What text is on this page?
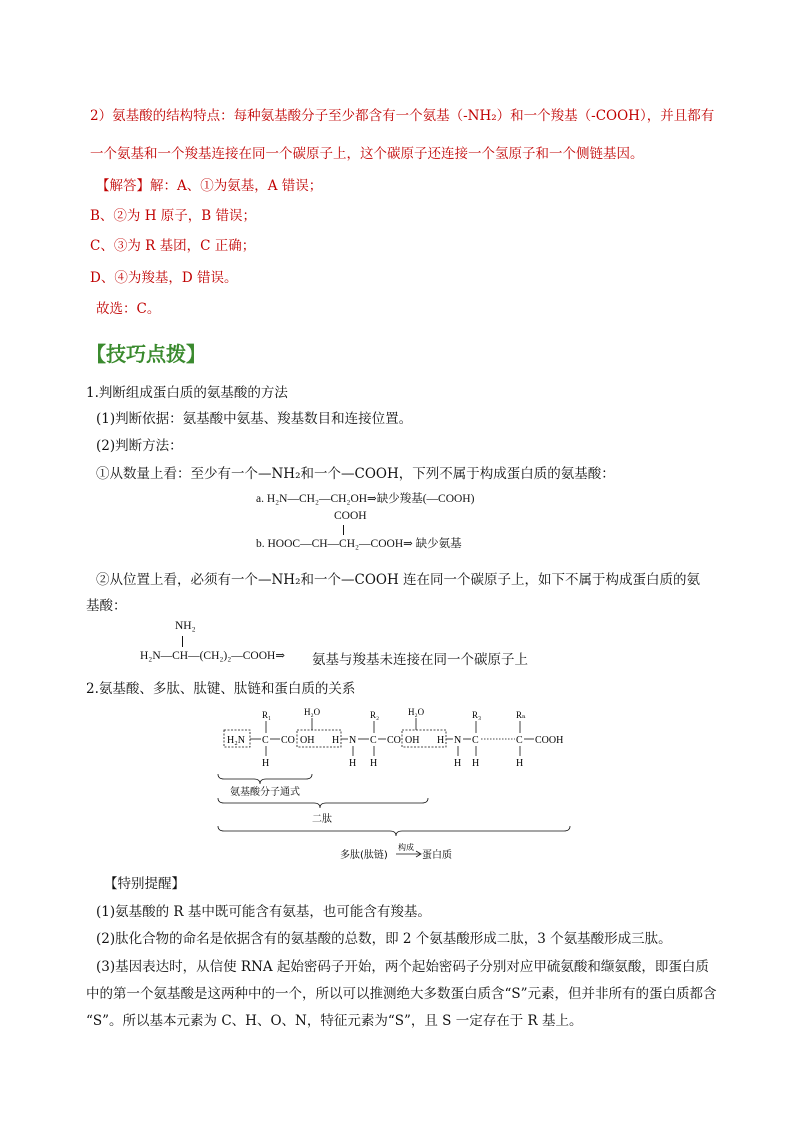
2）氨基酸的结构特点：每种氨基酸分子至少都含有一个氨基（-NH₂）和一个羧基（-COOH），并且都有
一个氨基和一个羧基连接在同一个碳原子上，这个碳原子还连接一个氢原子和一个侧链基因。
【解答】解：A、①为氨基，A 错误；
B、②为 H 原子，B 错误；
C、③为 R 基团，C 正确；
D、④为羧基，D 错误。
故选：C。
【技巧点拨】
1.判断组成蛋白质的氨基酸的方法
(1)判断依据：氨基酸中氨基、羧基数目和连接位置。
(2)判断方法：
①从数量上看：至少有一个—NH₂和一个—COOH，下列不属于构成蛋白质的氨基酸：
a. H₂N—CH₂—CH₂OH⇒缺少羧基(—COOH)
COOH
b. HOOC—CH—CH₂—COOH⇒ 缺少氨基
②从位置上看，必须有一个—NH₂和一个—COOH 连在同一个碳原子上，如下不属于构成蛋白质的氨
基酸：
NH₂
H₂N—CH—(CH₂)₂—COOH⇒ 氨基与羧基未连接在同一个碳原子上
2.氨基酸、多肽、肽键、肽链和蛋白质的关系
R₁	R₂	R₃	Rₙ
H₂O	H₂O
H₂N C CO OH H N C CO OH H N C	C COOH
H	H H	H H	H
氨基酸分子通式
二肽
多肽(肽链)
构成
蛋白质
【特别提醒】
(1)氨基酸的 R 基中既可能含有氨基，也可能含有羧基。
(2)肽化合物的命名是依据含有的氨基酸的总数，即 2 个氨基酸形成二肽，3 个氨基酸形成三肽。
(3)基因表达时，从信使 RNA 起始密码子开始，两个起始密码子分别对应甲硫氨酸和缬氨酸，即蛋白质
中的第一个氨基酸是这两种中的一个，所以可以推测绝大多数蛋白质含“S”元素，但并非所有的蛋白质都含
“S”。所以基本元素为 C、H、O、N，特征元素为“S”，且 S 一定存在于 R 基上。
